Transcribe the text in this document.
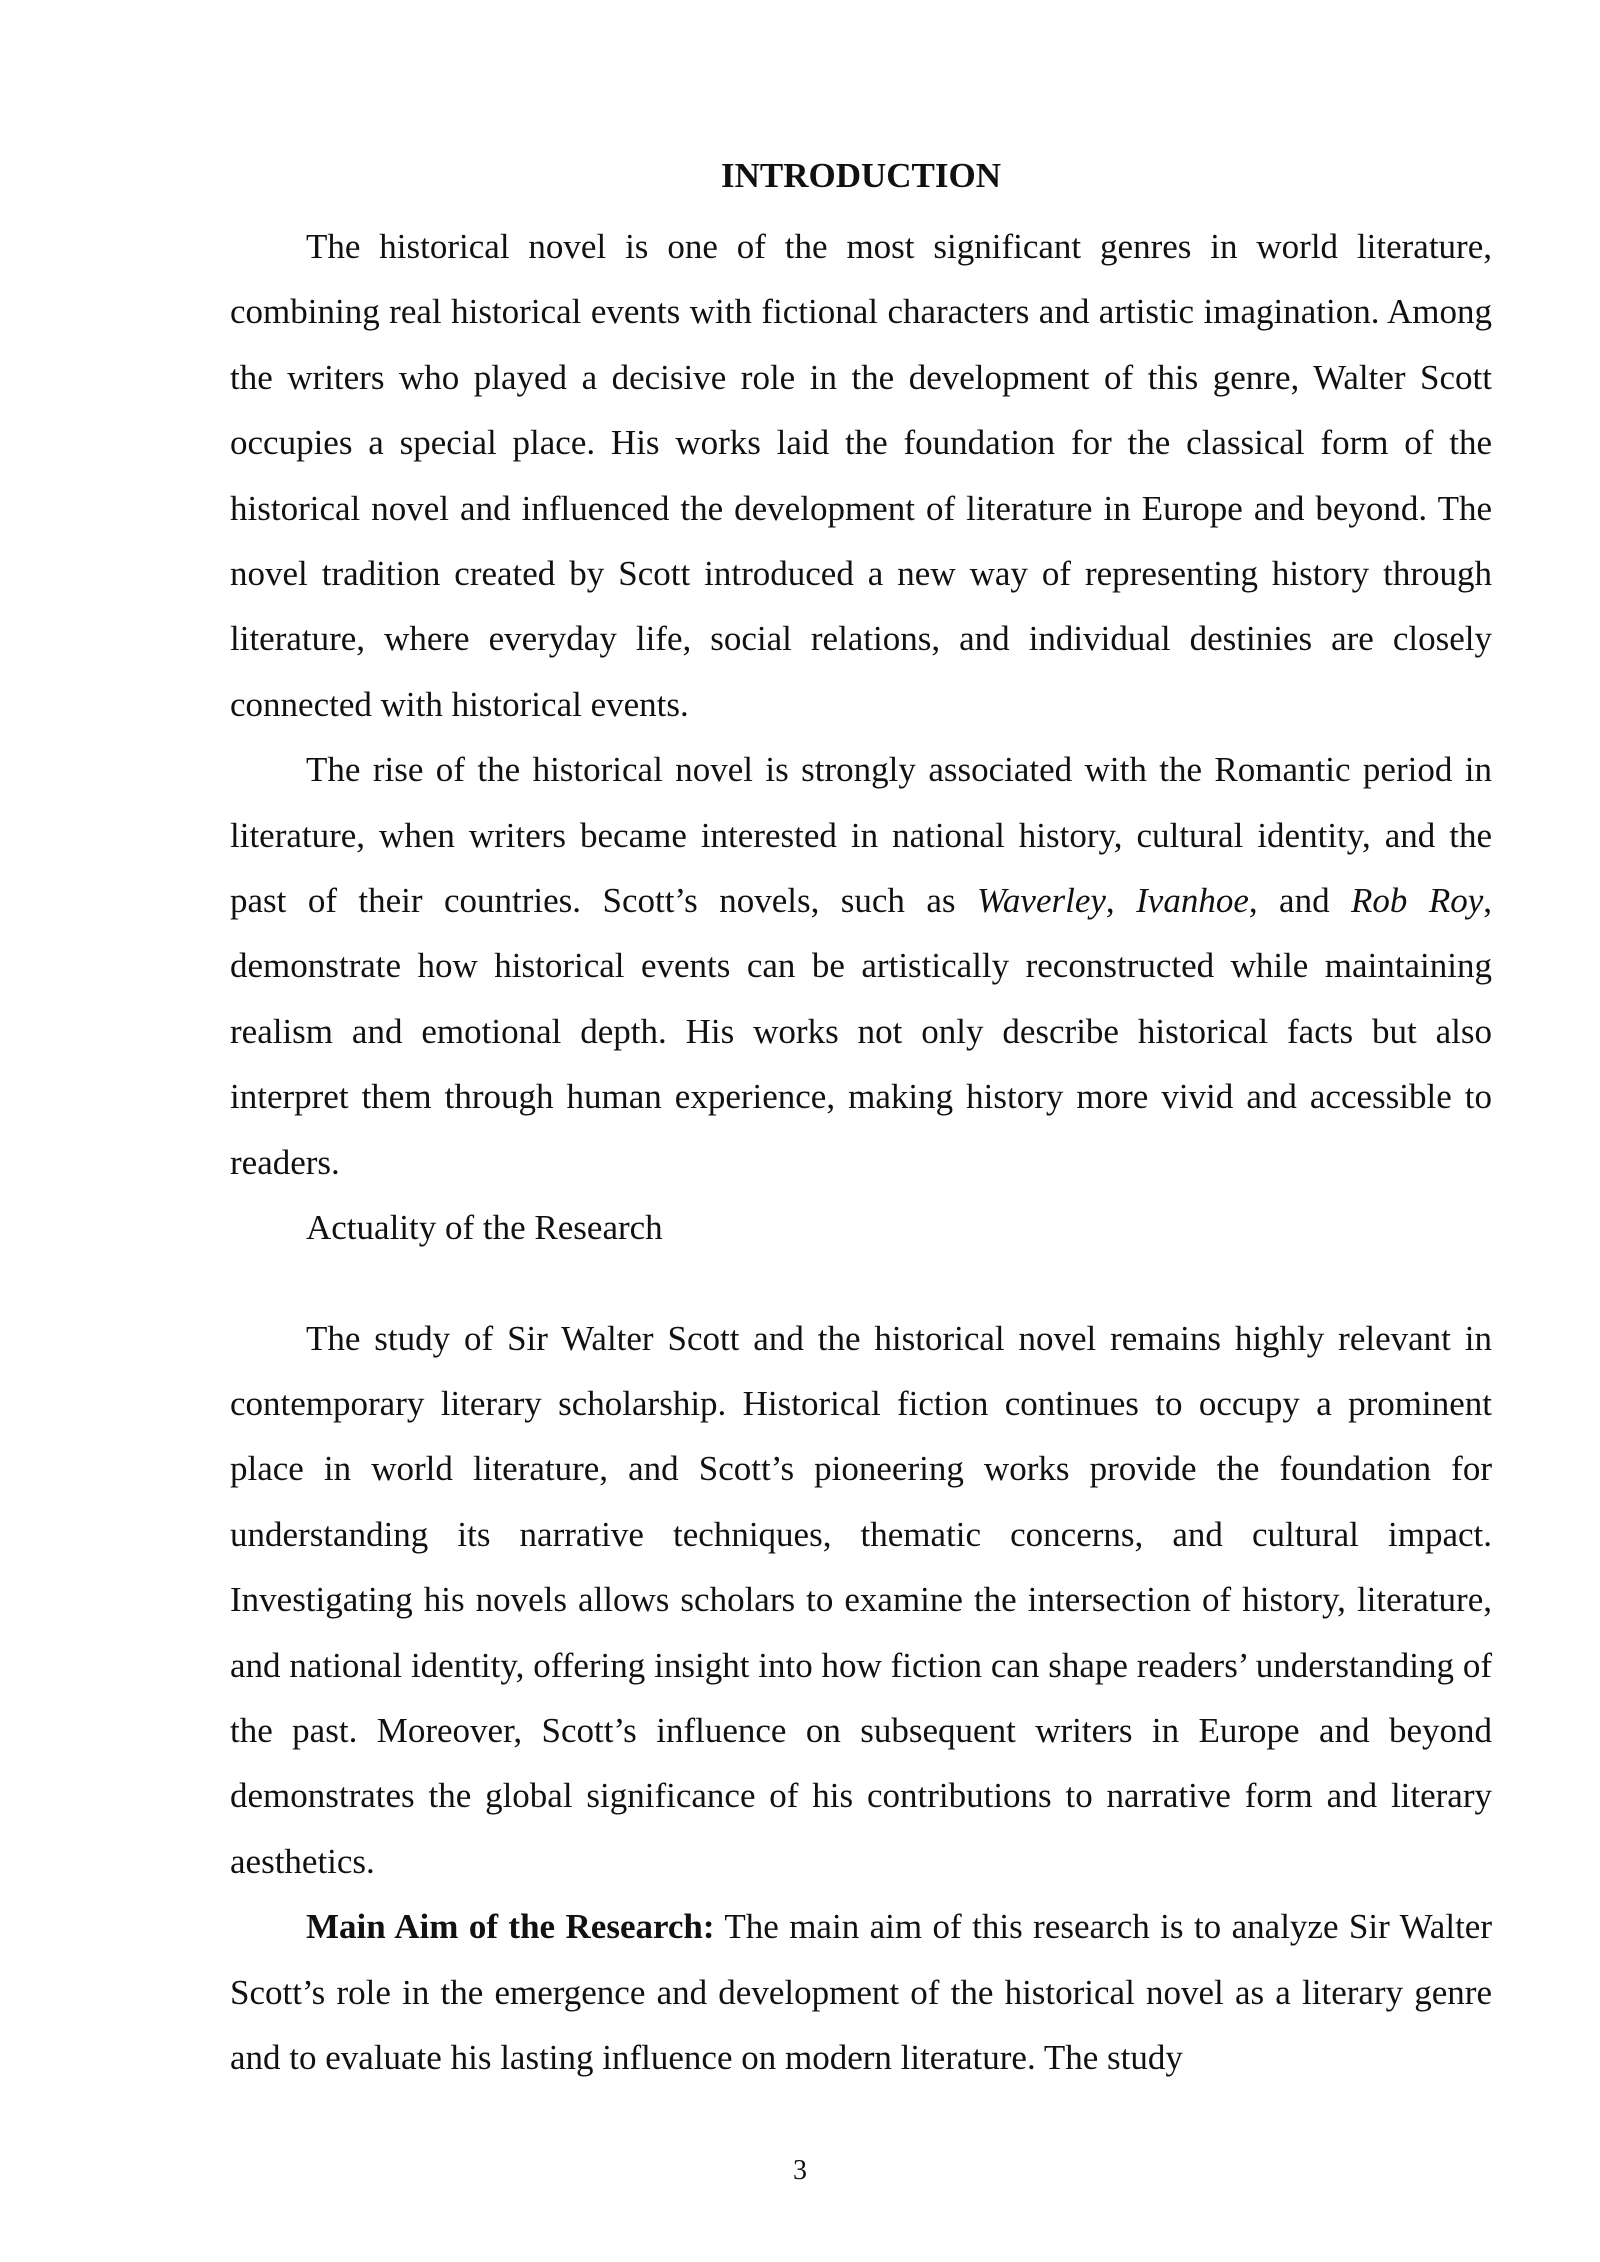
INTRODUCTION

The historical novel is one of the most significant genres in world literature, combining real historical events with fictional characters and artistic imagination. Among the writers who played a decisive role in the development of this genre, Walter Scott occupies a special place. His works laid the foundation for the classical form of the historical novel and influenced the development of literature in Europe and beyond. The novel tradition created by Scott introduced a new way of representing history through literature, where everyday life, social relations, and individual destinies are closely connected with historical events.

The rise of the historical novel is strongly associated with the Romantic period in literature, when writers became interested in national history, cultural identity, and the past of their countries. Scott’s novels, such as Waverley, Ivanhoe, and Rob Roy, demonstrate how historical events can be artistically reconstructed while maintaining realism and emotional depth. His works not only describe historical facts but also interpret them through human experience, making history more vivid and accessible to readers.

Actuality of the Research

The study of Sir Walter Scott and the historical novel remains highly relevant in contemporary literary scholarship. Historical fiction continues to occupy a prominent place in world literature, and Scott’s pioneering works provide the foundation for understanding its narrative techniques, thematic concerns, and cultural impact. Investigating his novels allows scholars to examine the intersection of history, literature, and national identity, offering insight into how fiction can shape readers’ understanding of the past. Moreover, Scott’s influence on subsequent writers in Europe and beyond demonstrates the global significance of his contributions to narrative form and literary aesthetics.

Main Aim of the Research: The main aim of this research is to analyze Sir Walter Scott’s role in the emergence and development of the historical novel as a literary genre and to evaluate his lasting influence on modern literature. The study

3
